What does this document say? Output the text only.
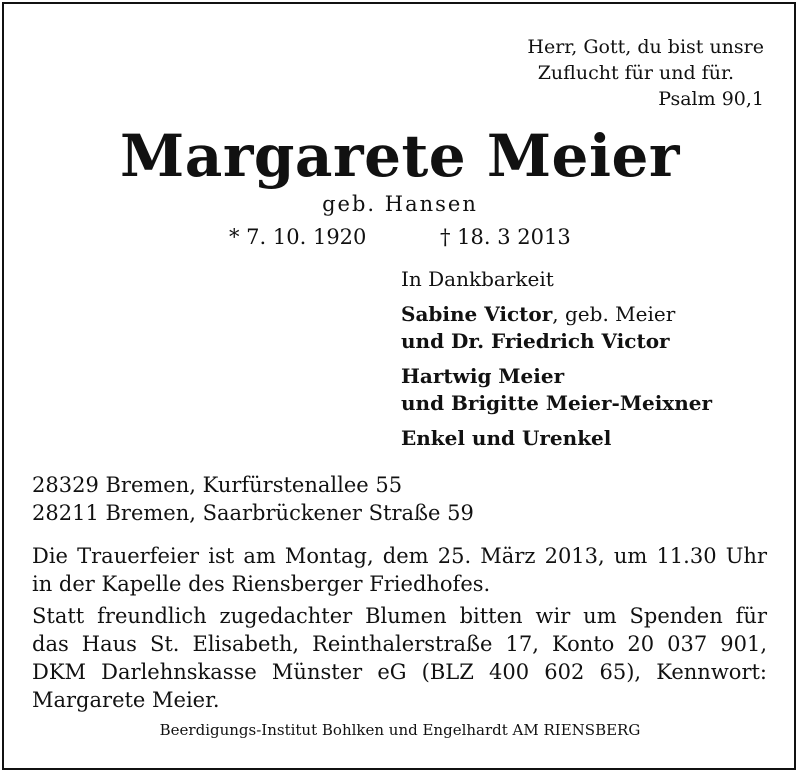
Herr, Gott, du bist unsre
Zuflucht für und für.
Psalm 90,1
Margarete Meier
geb. Hansen
* 7. 10. 1920	† 18. 3 2013
In Dankbarkeit
Sabine Victor, geb. Meier
und Dr. Friedrich Victor
Hartwig Meier
und Brigitte Meier-Meixner
Enkel und Urenkel
28329 Bremen, Kurfürstenallee 55
28211 Bremen, Saarbrückener Straße 59
Die Trauerfeier ist am Montag, dem 25. März 2013, um 11.30 Uhr
in der Kapelle des Riensberger Friedhofes.
Statt freundlich zugedachter Blumen bitten wir um Spenden für
das Haus St. Elisabeth, Reinthalerstraße 17, Konto 20 037 901,
DKM Darlehnskasse Münster eG (BLZ 400 602 65), Kennwort:
Margarete Meier.
Beerdigungs-Institut Bohlken und Engelhardt AM RIENSBERG
